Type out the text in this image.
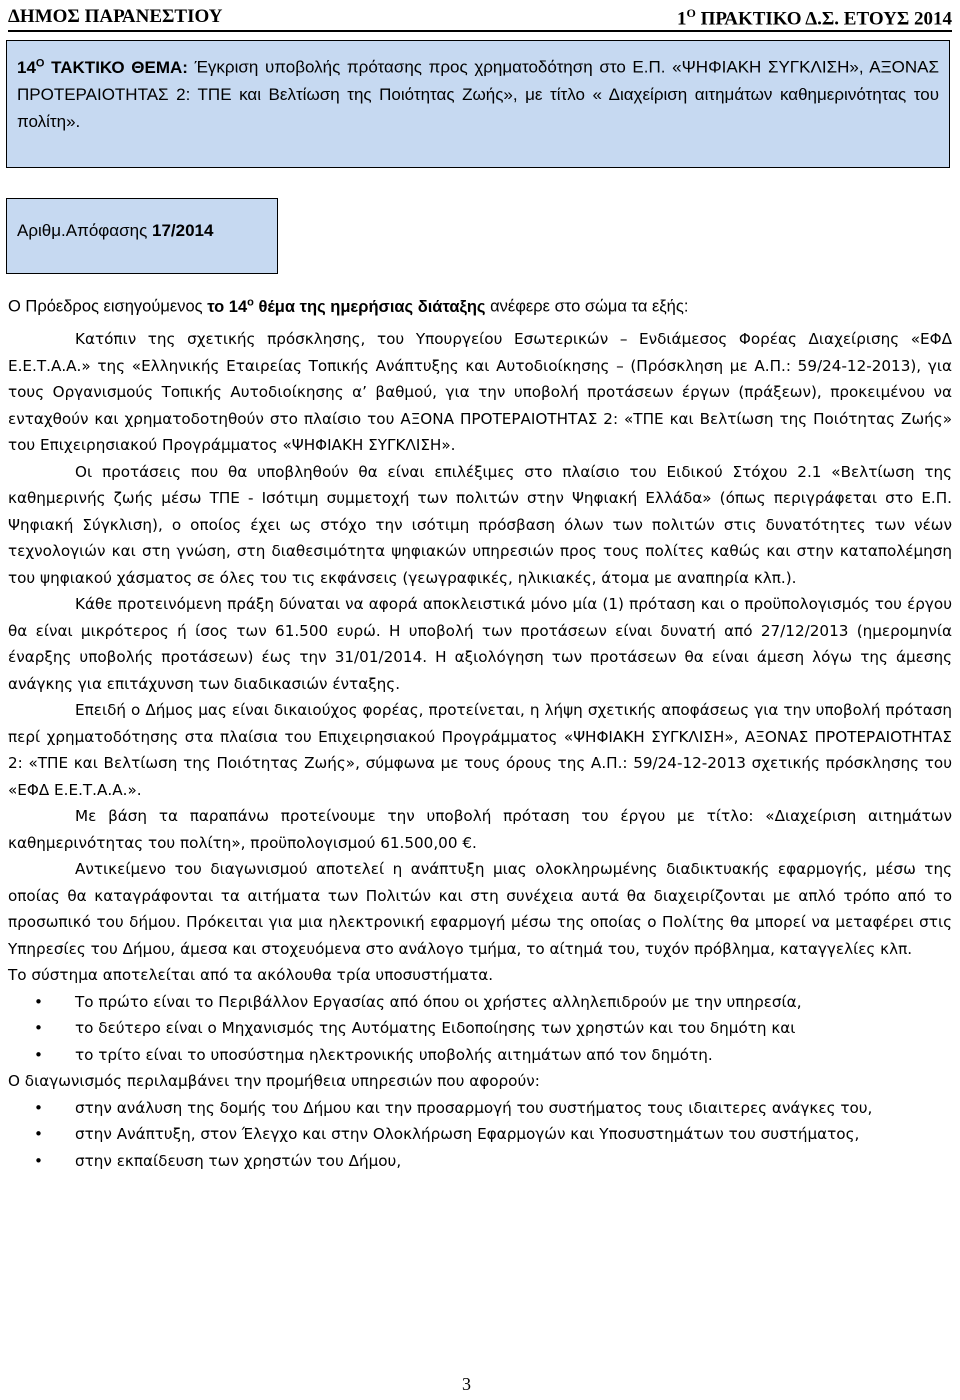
ΔΗΜΟΣ ΠΑΡΑΝΕΣΤΙΟΥ	$1^O$ ΠΡΑΚΤΙΚΟ Δ.Σ. ΕΤΟΥΣ 2014
$14^O$ ΤΑΚΤΙΚΟ ΘΕΜΑ: Έγκριση υποβολής πρότασης προς χρηματοδότηση στο Ε.Π. «ΨΗΦΙΑΚΗ ΣΥΓΚΛΙΣΗ», ΑΞΟΝΑΣ ΠΡΟΤΕΡΑΙΟΤΗΤΑΣ 2: ΤΠΕ και Βελτίωση της Ποιότητας Ζωής», με τίτλο « Διαχείριση αιτημάτων καθημερινότητας του πολίτη».
Αριθμ.Απόφασης 17/2014
Ο Πρόεδρος εισηγούμενος το $14^o$ θέμα της ημερήσιας διάταξης ανέφερε στο σώμα τα εξής:

Κατόπιν της σχετικής πρόσκλησης, του Υπουργείου Εσωτερικών – Ενδιάμεσος Φορέας Διαχείρισης «ΕΦΔ Ε.Ε.Τ.Α.Α.» της «Ελληνικής Εταιρείας Τοπικής Ανάπτυξης και Αυτοδιοίκησης – (Πρόσκληση με Α.Π.: 59/24-12-2013), για τους Οργανισμούς Τοπικής Αυτοδιοίκησης α’ βαθμού, για την υποβολή προτάσεων έργων (πράξεων), προκειμένου να ενταχθούν και χρηματοδοτηθούν στο πλαίσιο του ΑΞΟΝΑ ΠΡΟΤΕΡΑΙΟΤΗΤΑΣ 2: «ΤΠΕ και Βελτίωση της Ποιότητας Ζωής» του Επιχειρησιακού Προγράμματος «ΨΗΦΙΑΚΗ ΣΥΓΚΛΙΣΗ».

Οι προτάσεις που θα υποβληθούν θα είναι επιλέξιμες στο πλαίσιο του Ειδικού Στόχου 2.1 «Βελτίωση της καθημερινής ζωής μέσω ΤΠΕ - Ισότιμη συμμετοχή των πολιτών στην Ψηφιακή Ελλάδα» (όπως περιγράφεται στο Ε.Π. Ψηφιακή Σύγκλιση), ο οποίος έχει ως στόχο την ισότιμη πρόσβαση όλων των πολιτών στις δυνατότητες των νέων τεχνολογιών και στη γνώση, στη διαθεσιμότητα ψηφιακών υπηρεσιών προς τους πολίτες καθώς και στην καταπολέμηση του ψηφιακού χάσματος σε όλες του τις εκφάνσεις (γεωγραφικές, ηλικιακές, άτομα με αναπηρία κλπ.).

Κάθε προτεινόμενη πράξη δύναται να αφορά αποκλειστικά μόνο μία (1) πρόταση και ο προϋπολογισμός του έργου θα είναι μικρότερος ή ίσος των 61.500 ευρώ. Η υποβολή των προτάσεων είναι δυνατή από 27/12/2013 (ημερομηνία έναρξης υποβολής προτάσεων) έως την 31/01/2014. Η αξιολόγηση των προτάσεων θα είναι άμεση λόγω της άμεσης ανάγκης για επιτάχυνση των διαδικασιών ένταξης.

Επειδή ο Δήμος μας είναι δικαιούχος φορέας, προτείνεται, η λήψη σχετικής αποφάσεως για την υποβολή πρόταση περί χρηματοδότησης στα πλαίσια του Επιχειρησιακού Προγράμματος «ΨΗΦΙΑΚΗ ΣΥΓΚΛΙΣΗ», ΑΞΟΝΑΣ ΠΡΟΤΕΡΑΙΟΤΗΤΑΣ 2: «ΤΠΕ και Βελτίωση της Ποιότητας Ζωής», σύμφωνα με τους όρους της Α.Π.: 59/24-12-2013 σχετικής πρόσκλησης του «ΕΦΔ Ε.Ε.Τ.Α.Α.».

Με βάση τα παραπάνω προτείνουμε την υποβολή πρόταση του έργου με τίτλο: «Διαχείριση αιτημάτων καθημερινότητας του πολίτη», προϋπολογισμού 61.500,00 €.

Αντικείμενο του διαγωνισμού αποτελεί η ανάπτυξη μιας ολοκληρωμένης διαδικτυακής εφαρμογής, μέσω της οποίας θα καταγράφονται τα αιτήματα των Πολιτών και στη συνέχεια αυτά θα διαχειρίζονται με απλό τρόπο από το προσωπικό του δήμου. Πρόκειται για μια ηλεκτρονική εφαρμογή μέσω της οποίας ο Πολίτης θα μπορεί να μεταφέρει στις Υπηρεσίες του Δήμου, άμεσα και στοχευόμενα στο ανάλογο τμήμα, το αίτημά του, τυχόν πρόβλημα, καταγγελίες κλπ.

Το σύστημα αποτελείται από τα ακόλουθα τρία υποσυστήματα.

• Το πρώτο είναι το Περιβάλλον Εργασίας από όπου οι χρήστες αλληλεπιδρούν με την υπηρεσία,
• το δεύτερο είναι ο Μηχανισμός της Αυτόματης Ειδοποίησης των χρηστών και του δημότη και
• το τρίτο είναι το υποσύστημα ηλεκτρονικής υποβολής αιτημάτων από τον δημότη.

Ο διαγωνισμός περιλαμβάνει την προμήθεια υπηρεσιών που αφορούν:

• στην ανάλυση της δομής του Δήμου και την προσαρμογή του συστήματος τους ιδιαιτερες ανάγκες του,
• στην Ανάπτυξη, στον Έλεγχο και στην Ολοκλήρωση Εφαρμογών και Υποσυστημάτων του συστήματος,
• στην εκπαίδευση των χρηστών του Δήμου,
3
